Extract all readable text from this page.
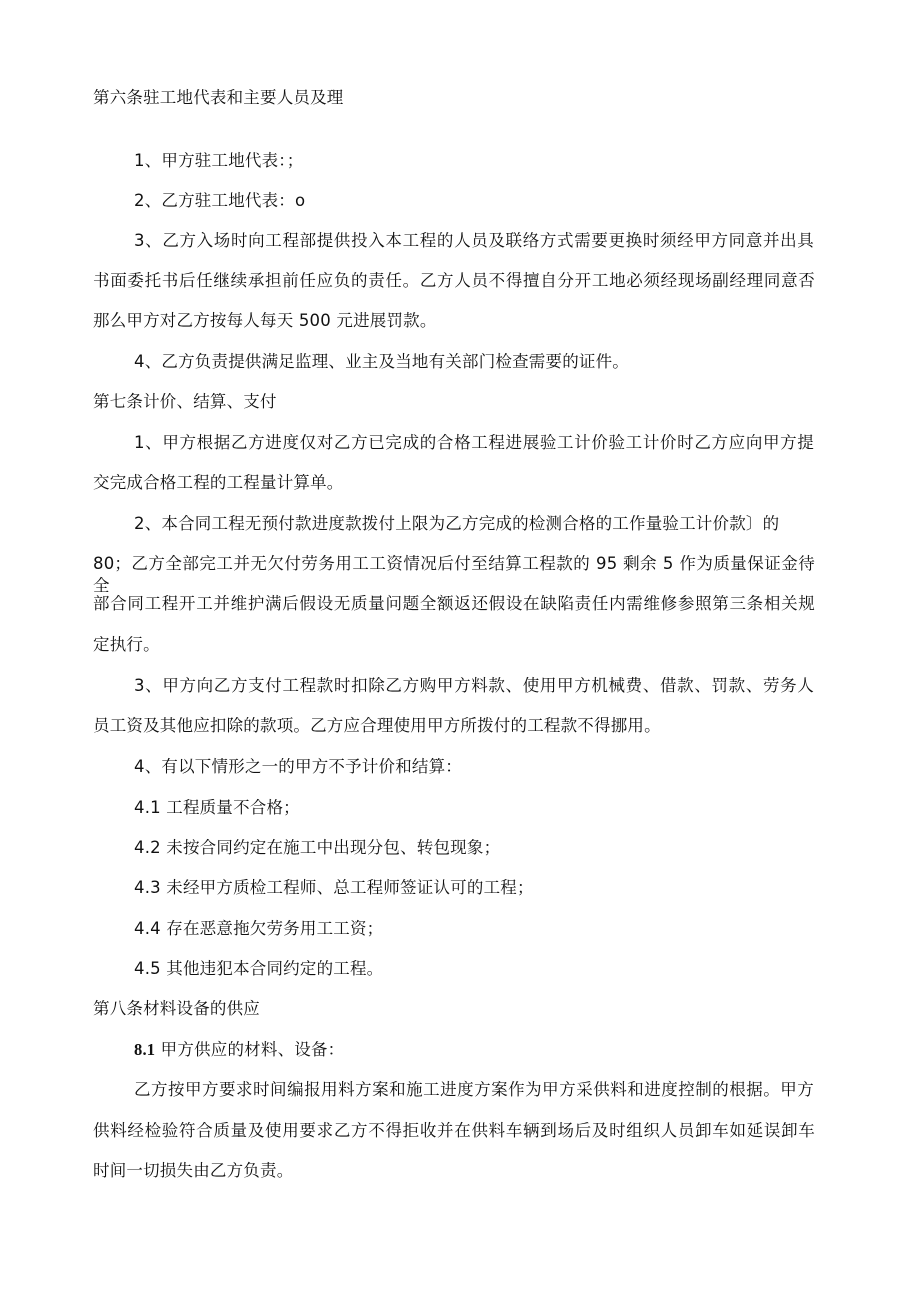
第六条驻工地代表和主要人员及理

1、甲方驻工地代表：；

2、乙方驻工地代表：o

3、乙方入场时向工程部提供投入本工程的人员及联络方式需要更换时须经甲方同意并出具

书面委托书后任继续承担前任应负的责任。乙方人员不得擅自分开工地必须经现场副经理同意否

那么甲方对乙方按每人每天 500 元进展罚款。

4、乙方负责提供满足监理、业主及当地有关部门检查需要的证件。

第七条计价、结算、支付

1、甲方根据乙方进度仅对乙方已完成的合格工程进展验工计价验工计价时乙方应向甲方提

交完成合格工程的工程量计算单。

2、本合同工程无预付款进度款拨付上限为乙方完成的检测合格的工作量验工计价款〕的

80；乙方全部完工并无欠付劳务用工工资情况后付至结算工程款的 95 剩余 5 作为质量保证金待全

部合同工程开工并维护满后假设无质量问题全额返还假设在缺陷责任内需维修参照第三条相关规

定执行。

3、甲方向乙方支付工程款时扣除乙方购甲方料款、使用甲方机械费、借款、罚款、劳务人

员工资及其他应扣除的款项。乙方应合理使用甲方所拨付的工程款不得挪用。

4、有以下情形之一的甲方不予计价和结算：

4.1 工程质量不合格；

4.2 未按合同约定在施工中出现分包、转包现象；

4.3 未经甲方质检工程师、总工程师签证认可的工程；

4.4 存在恶意拖欠劳务用工工资；

4.5 其他违犯本合同约定的工程。

第八条材料设备的供应

8.1 甲方供应的材料、设备：

乙方按甲方要求时间编报用料方案和施工进度方案作为甲方采供料和进度控制的根据。甲方

供料经检验符合质量及使用要求乙方不得拒收并在供料车辆到场后及时组织人员卸车如延误卸车

时间一切损失由乙方负责。
